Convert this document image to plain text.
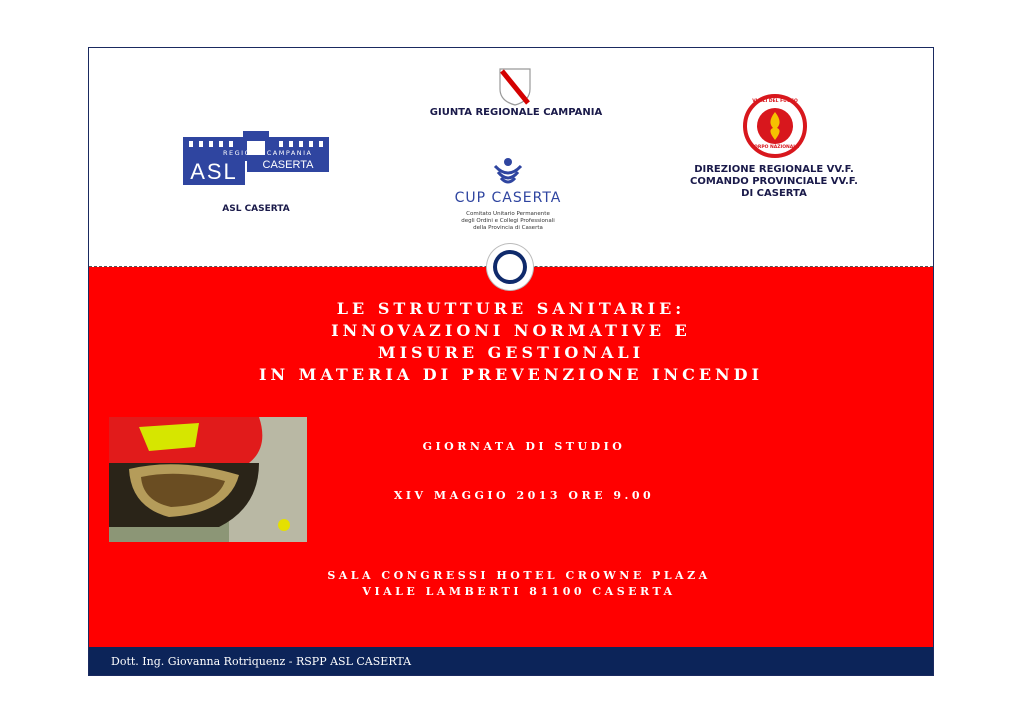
GIUNTA REGIONALE CAMPANIA
REGIONE CAMPANIA
ASL	CASERTA
ASL CASERTA
CUP CASERTA
Comitato Unitario Permanente
degli Ordini e Collegi Professionali
della Provincia di Caserta
VIGILI DEL FUOCO
CORPO NAZIONALE
DIREZIONE REGIONALE VV.F.
COMANDO PROVINCIALE VV.F.
DI CASERTA
LE STRUTTURE SANITARIE:
INNOVAZIONI NORMATIVE E
MISURE GESTIONALI
IN MATERIA DI PREVENZIONE INCENDI
GIORNATA DI STUDIO
XIV MAGGIO 2013 ORE 9.00
SALA CONGRESSI HOTEL CROWNE PLAZA
VIALE LAMBERTI 81100 CASERTA
Dott. Ing. Giovanna Rotriquenz - RSPP ASL CASERTA
